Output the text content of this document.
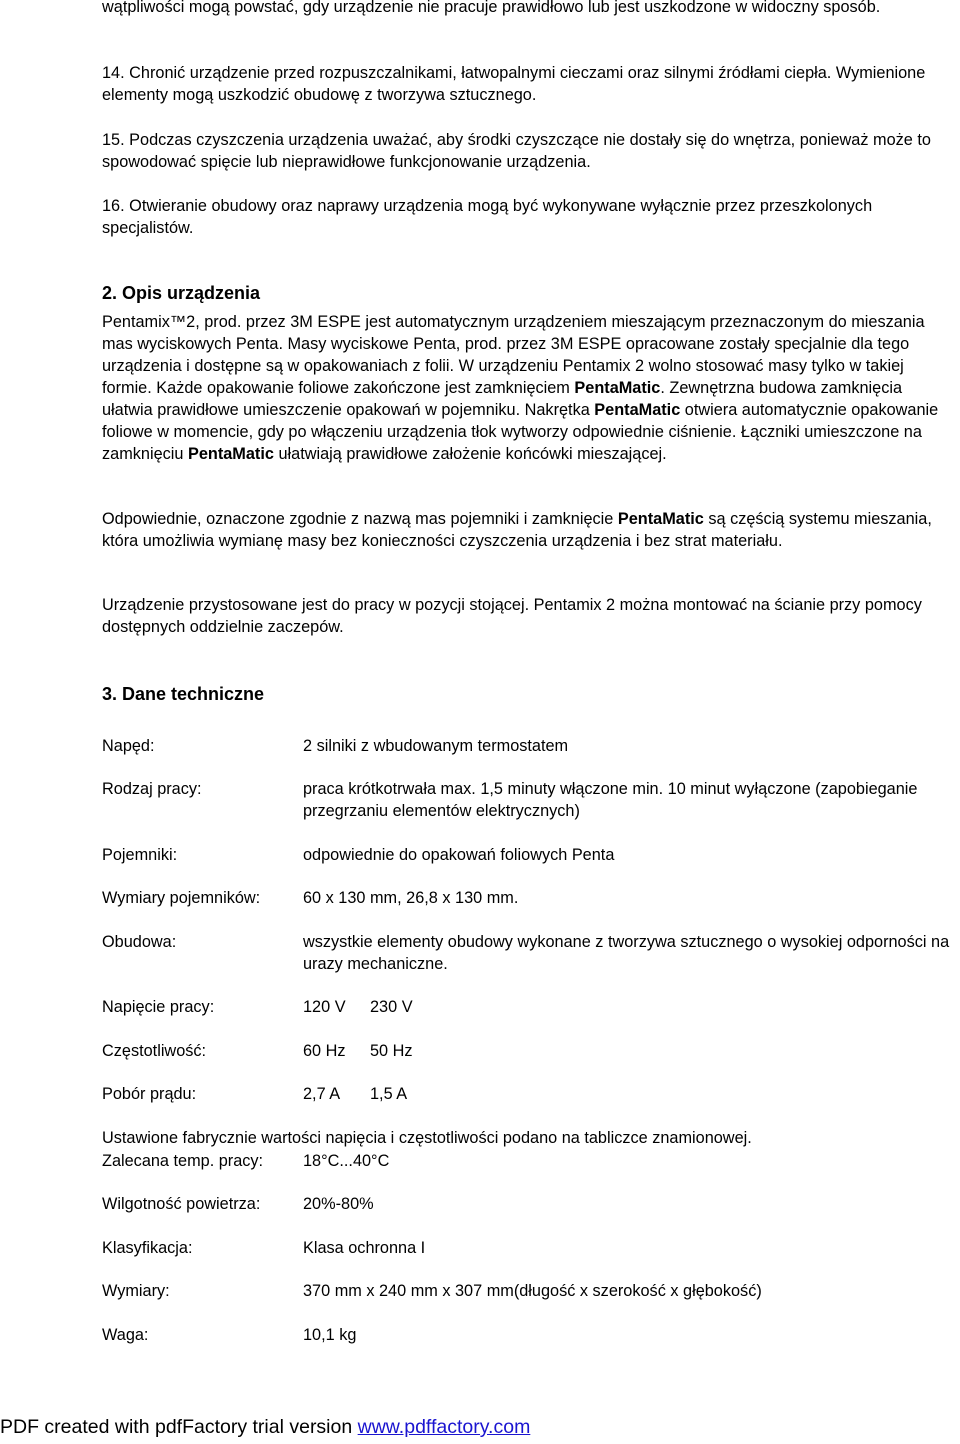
wątpliwości mogą powstać, gdy urządzenie nie pracuje prawidłowo lub jest uszkodzone w widoczny sposób.

14. Chronić urządzenie przed rozpuszczalnikami, łatwopalnymi cieczami oraz silnymi źródłami ciepła. Wymienione elementy mogą uszkodzić obudowę z tworzywa sztucznego.

15. Podczas czyszczenia urządzenia uważać, aby środki czyszczące nie dostały się do wnętrza, ponieważ może to spowodować spięcie lub nieprawidłowe funkcjonowanie urządzenia.

16. Otwieranie obudowy oraz naprawy urządzenia mogą być wykonywane wyłącznie przez przeszkolonych specjalistów.

2. Opis urządzenia

Pentamix™2, prod. przez 3M ESPE jest automatycznym urządzeniem mieszającym przeznaczonym do mieszania mas wyciskowych Penta. Masy wyciskowe Penta, prod. przez 3M ESPE opracowane zostały specjalnie dla tego urządzenia i dostępne są w opakowaniach z folii. W urządzeniu Pentamix 2 wolno stosować masy tylko w takiej formie. Każde opakowanie foliowe zakończone jest zamknięciem PentaMatic. Zewnętrzna budowa zamknięcia ułatwia prawidłowe umieszczenie opakowań w pojemniku. Nakrętka PentaMatic otwiera automatycznie opakowanie foliowe w momencie, gdy po włączeniu urządzenia tłok wytworzy odpowiednie ciśnienie. Łączniki umieszczone na zamknięciu PentaMatic ułatwiają prawidłowe założenie końcówki mieszającej.

Odpowiednie, oznaczone zgodnie z nazwą mas pojemniki i zamknięcie PentaMatic są częścią systemu mieszania, która umożliwia wymianę masy bez konieczności czyszczenia urządzenia i bez strat materiału.

Urządzenie przystosowane jest do pracy w pozycji stojącej. Pentamix 2 można montować na ścianie przy pomocy dostępnych oddzielnie zaczepów.

3. Dane techniczne
Napęd:	2 silniki z wbudowanym termostatem
Rodzaj pracy:	praca krótkotrwała max. 1,5 minuty włączone min. 10 minut wyłączone (zapobieganie przegrzaniu elementów elektrycznych)
Pojemniki:	odpowiednie do opakowań foliowych Penta
Wymiary pojemników:	60 x 130 mm, 26,8 x 130 mm.
Obudowa:	wszystkie elementy obudowy wykonane z tworzywa sztucznego o wysokiej odporności na urazy mechaniczne.
Napięcie pracy:	120 V	230 V
Częstotliwość:	60 Hz	50 Hz
Pobór prądu:	2,7 A	1,5 A

Ustawione fabrycznie wartości napięcia i częstotliwości podano na tabliczce znamionowej.

Zalecana temp. pracy: 18°C...40°C
Wilgotność powietrza:	20%-80%
Klasyfikacja:	Klasa ochronna I
Wymiary:	370 mm x 240 mm x 307 mm(długość x szerokość x głębokość)
Waga:	10,1 kg
PDF created with pdfFactory trial version www.pdffactory.com
